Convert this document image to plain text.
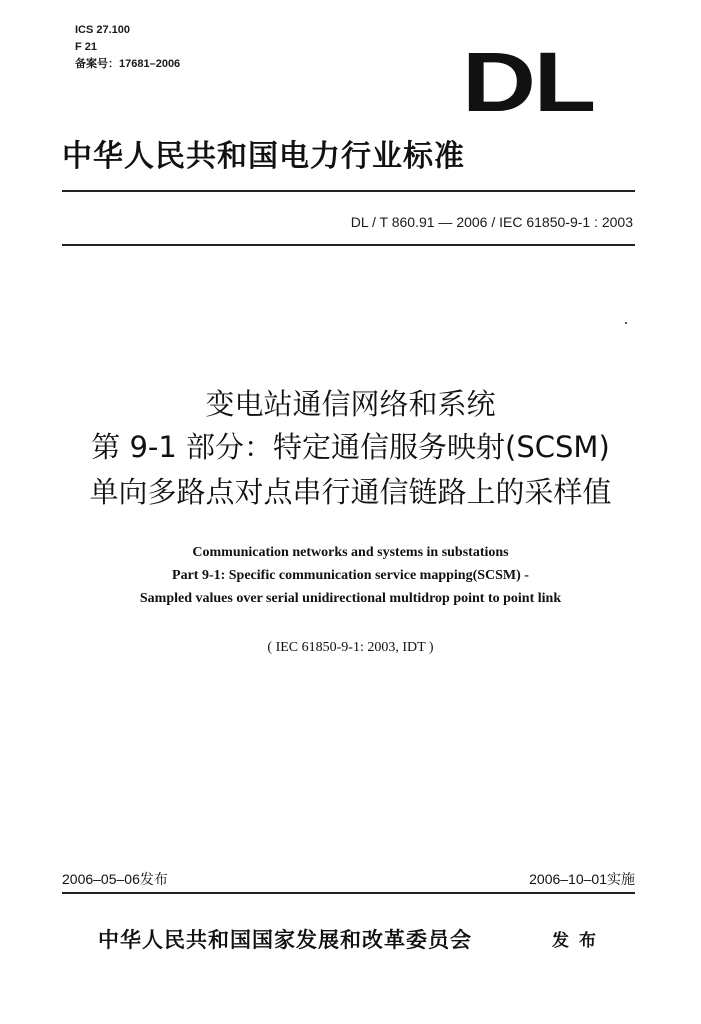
ICS 27.100
F 21
备案号：17681–2006	DL
中华人民共和国电力行业标准
DL / T 860.91 — 2006 / IEC 61850-9-1 : 2003
变电站通信网络和系统
第 9-1 部分：特定通信服务映射(SCSM)
单向多路点对点串行通信链路上的采样值
Communication networks and systems in substations
Part 9-1: Specific communication service mapping(SCSM) -
Sampled values over serial unidirectional multidrop point to point link
( IEC 61850-9-1: 2003, IDT )
2006–05–06发布	2006–10–01实施
中华人民共和国国家发展和改革委员会	发布
